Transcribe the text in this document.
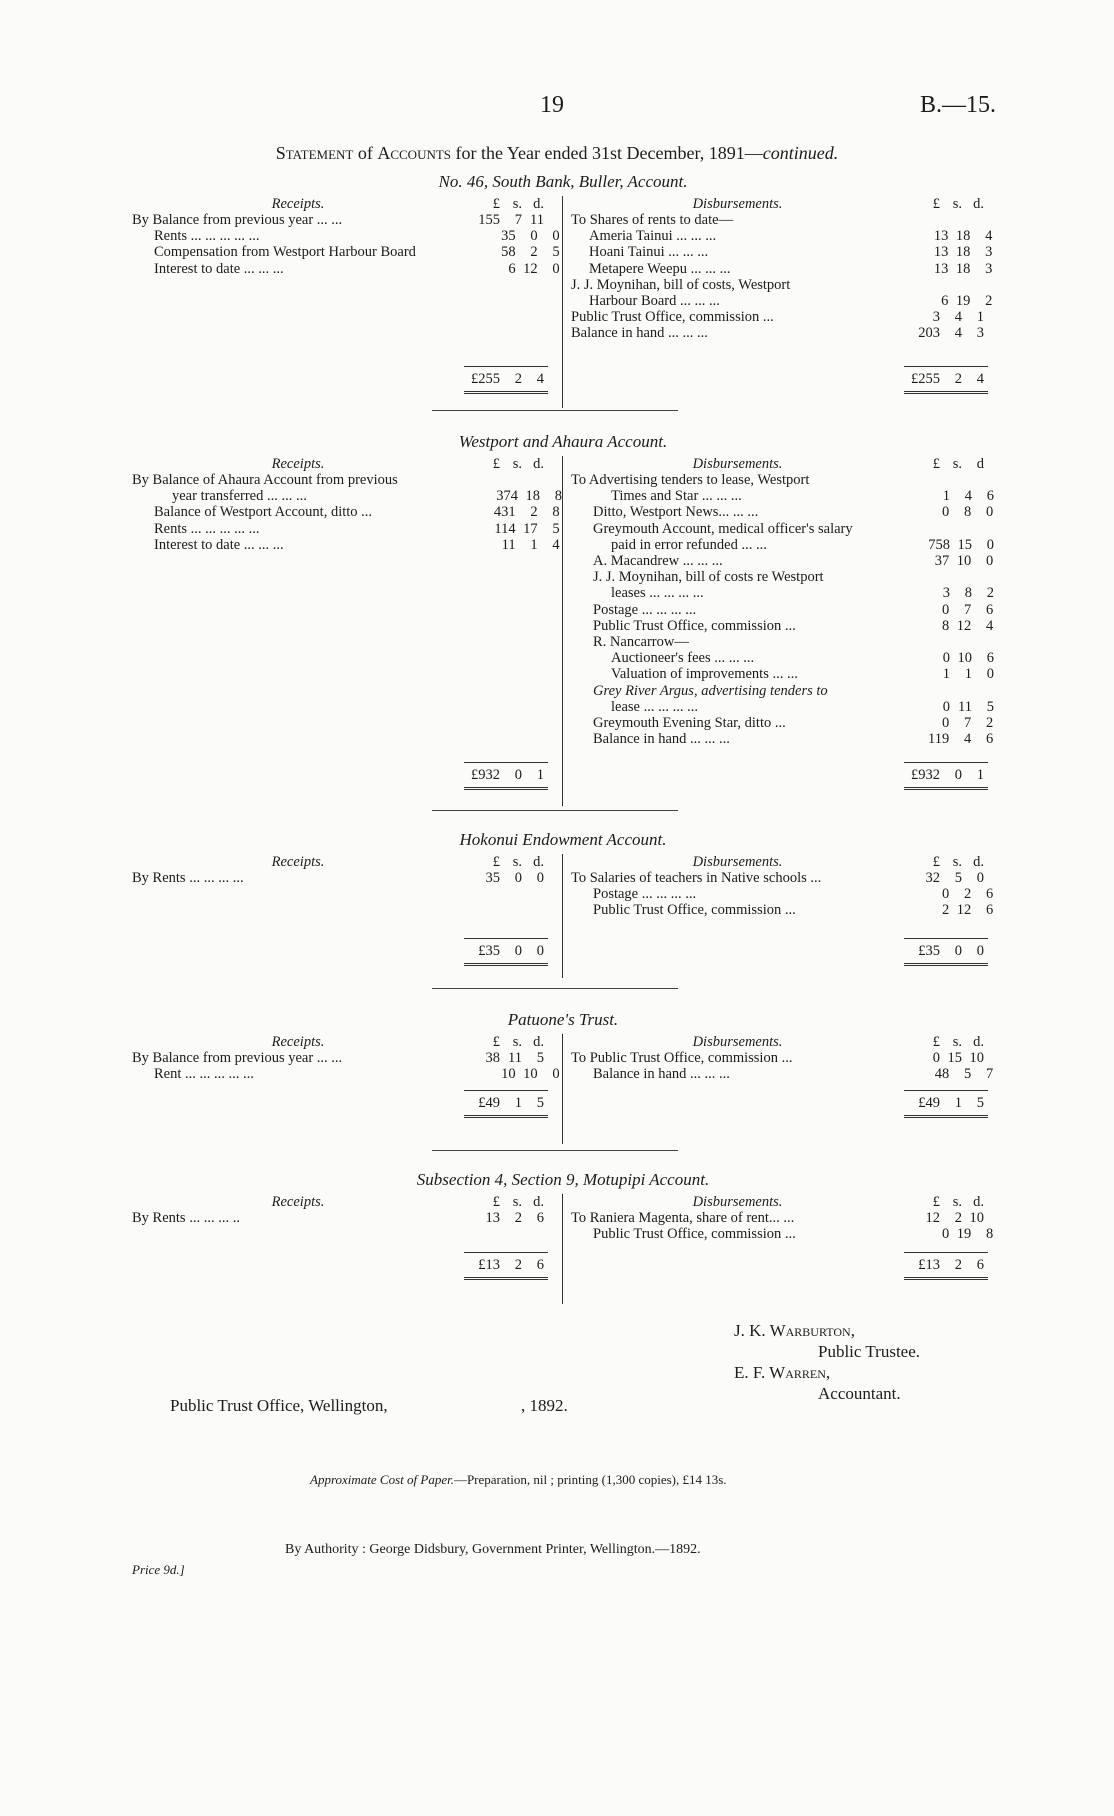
19	B.—15.
Statement of Accounts for the Year ended 31st December, 1891—continued.
No. 46, South Bank, Buller, Account.
Receipts.	£ s. d.
By Balance from previous year ... ...	155	7 11
Rents ... ... ... ... ...	35	0	0
Compensation from Westport Harbour Board	58	2	5
Interest to date ... ... ...	6 12	0
£255	2	4
Disbursements.	£ s. d.
To Shares of rents to date—
Ameria Tainui ... ... ...	13 18	4
Hoani Tainui ... ... ...	13 18	3
Metapere Weepu ... ... ...	13 18	3
J. J. Moynihan, bill of costs, Westport
Harbour Board ... ... ...	6 19	2
Public Trust Office, commission ...	3	4	1
Balance in hand ... ... ...	203	4	3
£255	2	4
Westport and Ahaura Account.
Receipts.	£ s. d.
By Balance of Ahaura Account from previous
year transferred ... ... ...	374 18	8
Balance of Westport Account, ditto ...	431	2	8
Rents ... ... ... ... ...	114 17	5
Interest to date ... ... ...	11	1	4
£932	0	1
Disbursements.	£ s.	d
To Advertising tenders to lease, Westport
Times and Star ... ... ...	1	4	6
Ditto, Westport News... ... ...	0	8	0
Greymouth Account, medical officer's salary
paid in error refunded ... ...	758 15	0
A. Macandrew ... ... ...	37 10	0
J. J. Moynihan, bill of costs re Westport
leases ... ... ... ...	3	8	2
Postage ... ... ... ...	0	7	6
Public Trust Office, commission ...	8 12	4
R. Nancarrow—
Auctioneer's fees ... ... ...	0 10	6
Valuation of improvements ... ...	1	1	0
Grey River Argus, advertising tenders to
lease ... ... ... ...	0 11	5
Greymouth Evening Star, ditto ...	0	7	2
Balance in hand ... ... ...	119	4	6
£932	0	1
Hokonui Endowment Account.
Receipts.	£ s. d.
By Rents ... ... ... ...	35	0	0
£35	0	0
Disbursements.	£ s. d.
To Salaries of teachers in Native schools ...	32	5	0
Postage ... ... ... ...	0	2	6
Public Trust Office, commission ...	2 12	6
£35	0	0
Patuone's Trust.
Receipts.	£ s. d.
By Balance from previous year ... ...	38 11	5
Rent ... ... ... ... ...	10 10	0
£49	1	5
Disbursements.	£ s. d.
To Public Trust Office, commission ...	0 15 10
Balance in hand ... ... ...	48	5	7
£49	1	5
Subsection 4, Section 9, Motupipi Account.
Receipts.	£ s. d.
By Rents ... ... ... ..	13	2	6
£13	2	6
Disbursements.	£ s. d.
To Raniera Magenta, share of rent... ...	12	2 10
Public Trust Office, commission ...	0 19	8
£13	2	6
J. K. Warburton,
Public Trustee.
E. F. Warren,
Accountant.
Public Trust Office, Wellington,	, 1892.
Approximate Cost of Paper.—Preparation, nil ; printing (1,300 copies), £14 13s.
By Authority : George Didsbury, Government Printer, Wellington.—1892.
Price 9d.]
